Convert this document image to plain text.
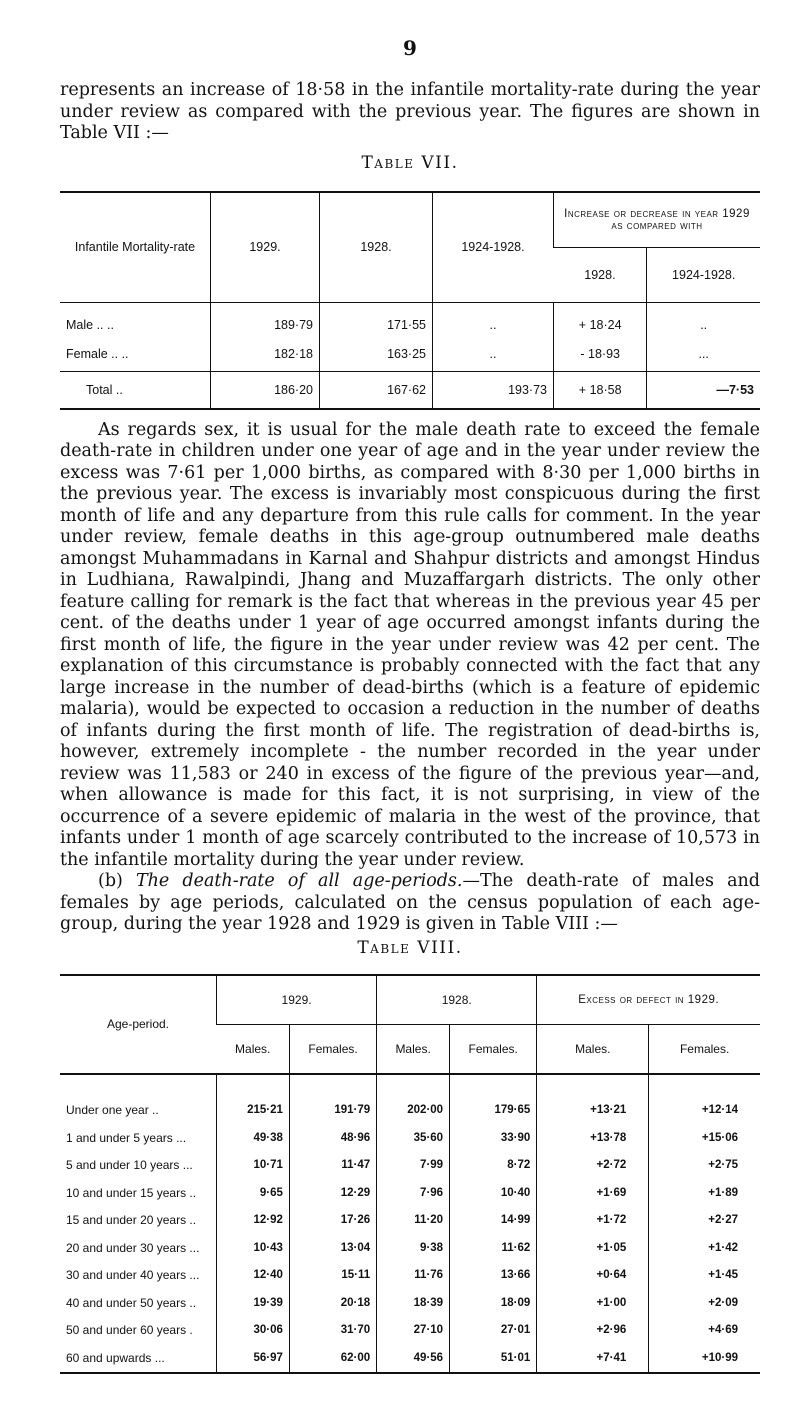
9

represents an increase of 18·58 in the infantile mortality-rate during the year under review as compared with the previous year. The figures are shown in Table VII :—

Table VII.
Infantile Mortality-rate	1929.	1928.	1924-1928.	Increase or decrease in year 1929 as compared with	
				1928.	1924-1928.
Male .. ..	189·79	171·55	..	+ 18·24	..
Female .. ..	182·18	163·25	..	- 18·93	...
Total ..	186·20	167·62	193·73	+ 18·58	—7·53

As regards sex, it is usual for the male death rate to exceed the female death-rate in children under one year of age and in the year under review the excess was 7·61 per 1,000 births, as compared with 8·30 per 1,000 births in the previous year. The excess is invariably most conspicuous during the first month of life and any departure from this rule calls for comment. In the year under review, female deaths in this age-group outnumbered male deaths amongst Muhammadans in Karnal and Shahpur districts and amongst Hindus in Ludhiana, Rawalpindi, Jhang and Muzaffargarh districts. The only other feature calling for remark is the fact that whereas in the previous year 45 per cent. of the deaths under 1 year of age occurred amongst infants during the first month of life, the figure in the year under review was 42 per cent. The explanation of this circumstance is probably connected with the fact that any large increase in the number of dead-births (which is a feature of epidemic malaria), would be expected to occasion a reduction in the number of deaths of infants during the first month of life. The registration of dead-births is, however, extremely incomplete - the number recorded in the year under review was 11,583 or 240 in excess of the figure of the previous year—and, when allowance is made for this fact, it is not surprising, in view of the occurrence of a severe epidemic of malaria in the west of the province, that infants under 1 month of age scarcely contributed to the increase of 10,573 in the infantile mortality during the year under review.

(b) The death-rate of all age-periods.—The death-rate of males and females by age periods, calculated on the census population of each age-group, during the year 1928 and 1929 is given in Table VIII :—

Table VIII.
Age-period.	1929.		1928.		Excess or defect in 1929.	
	Males.	Females.	Males.	Females.	Males.	Females.
Under one year ..	215·21	191·79	202·00	179·65	+13·21	+12·14
1 and under 5 years ...	49·38	48·96	35·60	33·90	+13·78	+15·06
5 and under 10 years ...	10·71	11·47	7·99	8·72	+2·72	+2·75
10 and under 15 years ..	9·65	12·29	7·96	10·40	+1·69	+1·89
15 and under 20 years ..	12·92	17·26	11·20	14·99	+1·72	+2·27
20 and under 30 years ...	10·43	13·04	9·38	11·62	+1·05	+1·42
30 and under 40 years ...	12·40	15·11	11·76	13·66	+0·64	+1·45
40 and under 50 years ..	19·39	20·18	18·39	18·09	+1·00	+2·09
50 and under 60 years .	30·06	31·70	27·10	27·01	+2·96	+4·69
60 and upwards ...	56·97	62·00	49·56	51·01	+7·41	+10·99
